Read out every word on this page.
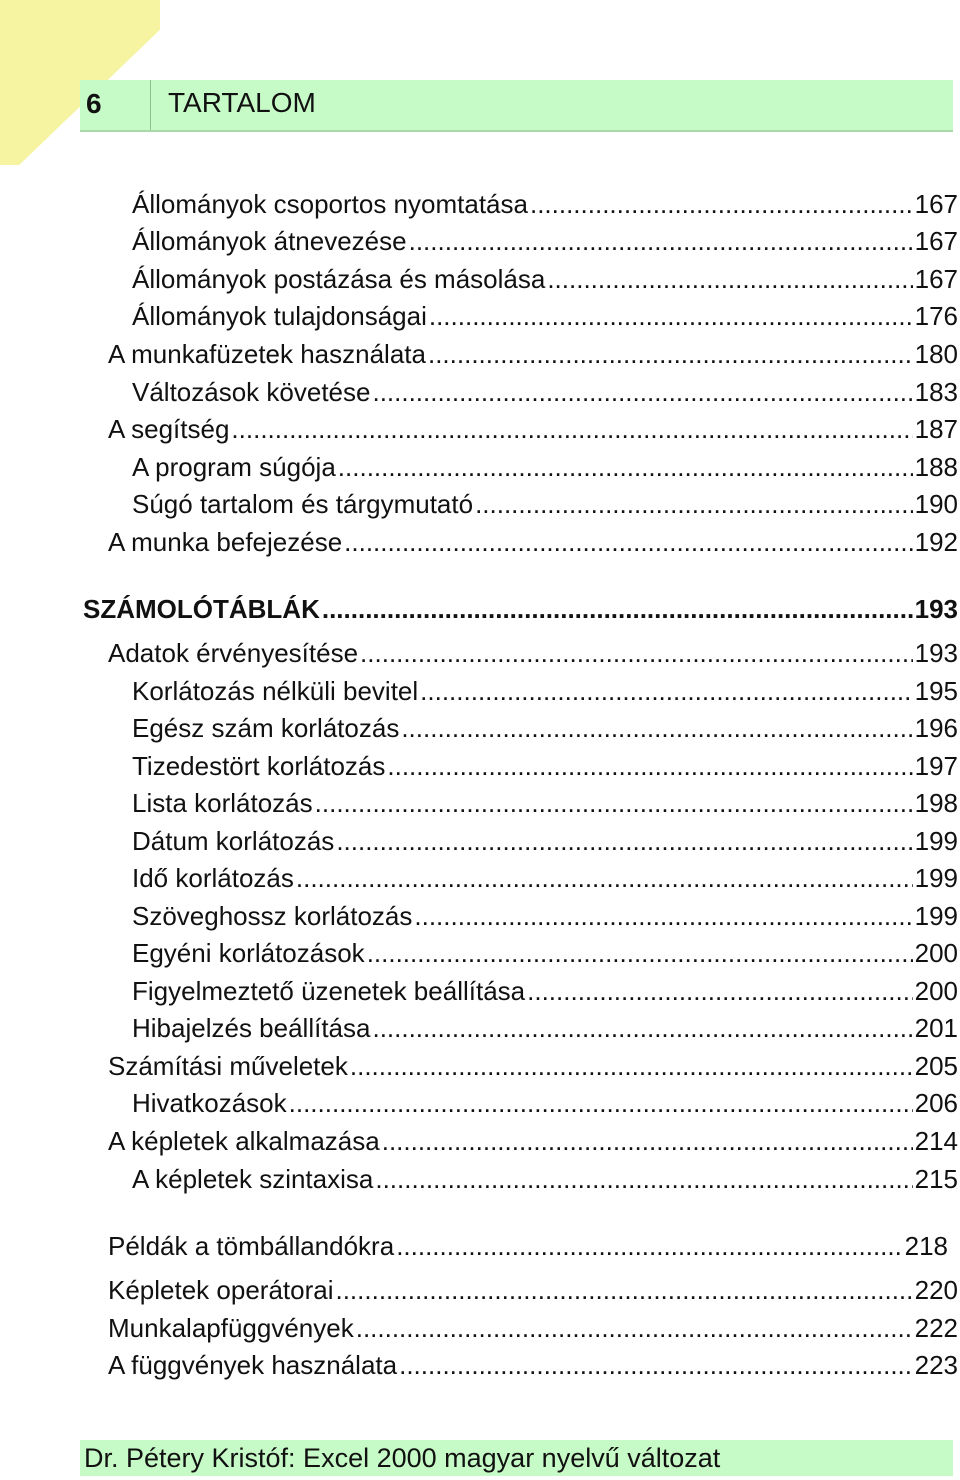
6 TARTALOM
Állományok csoportos nyomtatása .....	167
Állományok átnevezése .....	167
Állományok postázása és másolása .....	167
Állományok tulajdonságai .....	176
A munkafüzetek használata .....	180
Változások követése .....	183
A segítség .....	187
A program súgója .....	188
Súgó tartalom és tárgymutató .....	190
A munka befejezése .....	192
SZÁMOLÓTÁBLÁK .....	193
Adatok érvényesítése .....	193
Korlátozás nélküli bevitel .....	195
Egész szám korlátozás .....	196
Tizedestört korlátozás .....	197
Lista korlátozás .....	198
Dátum korlátozás .....	199
Idő korlátozás .....	199
Szöveghossz korlátozás .....	199
Egyéni korlátozások .....	200
Figyelmeztető üzenetek beállítása .....	200
Hibajelzés beállítása .....	201
Számítási műveletek .....	205
Hivatkozások .....	206
A képletek alkalmazása .....	214
A képletek szintaxisa .....	215
Példák a tömbállandókra .....	218
Képletek operátorai .....	220
Munkalapfüggvények .....	222
A függvények használata .....	223
Dr. Pétery Kristóf: Excel 2000 magyar nyelvű változat
